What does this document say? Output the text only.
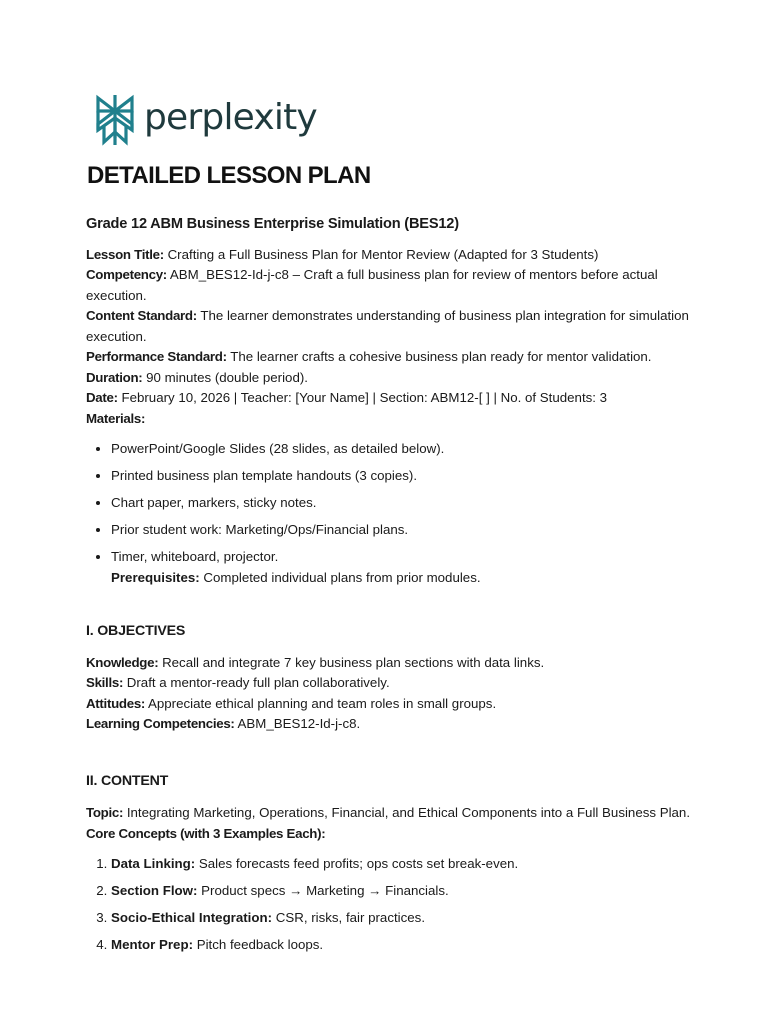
perplexity
DETAILED LESSON PLAN

Grade 12 ABM Business Enterprise Simulation (BES12)

Lesson Title: Crafting a Full Business Plan for Mentor Review (Adapted for 3 Students)

Competency: ABM_BES12-Id-j-c8 – Craft a full business plan for review of mentors before actual execution.

Content Standard: The learner demonstrates understanding of business plan integration for simulation execution.

Performance Standard: The learner crafts a cohesive business plan ready for mentor validation.

Duration: 90 minutes (double period).

Date: February 10, 2026 | Teacher: [Your Name] | Section: ABM12-[ ] | No. of Students: 3

Materials:

• PowerPoint/Google Slides (28 slides, as detailed below).
• Printed business plan template handouts (3 copies).
• Chart paper, markers, sticky notes.
• Prior student work: Marketing/Ops/Financial plans.
• Timer, whiteboard, projector.
Prerequisites: Completed individual plans from prior modules.
I. OBJECTIVES

Knowledge: Recall and integrate 7 key business plan sections with data links.

Skills: Draft a mentor-ready full plan collaboratively.

Attitudes: Appreciate ethical planning and team roles in small groups.

Learning Competencies: ABM_BES12-Id-j-c8.

II. CONTENT

Topic: Integrating Marketing, Operations, Financial, and Ethical Components into a Full Business Plan.

Core Concepts (with 3 Examples Each):

1. Data Linking: Sales forecasts feed profits; ops costs set break-even.
2. Section Flow: Product specs → Marketing → Financials.
3. Socio-Ethical Integration: CSR, risks, fair practices.
4. Mentor Prep: Pitch feedback loops.
